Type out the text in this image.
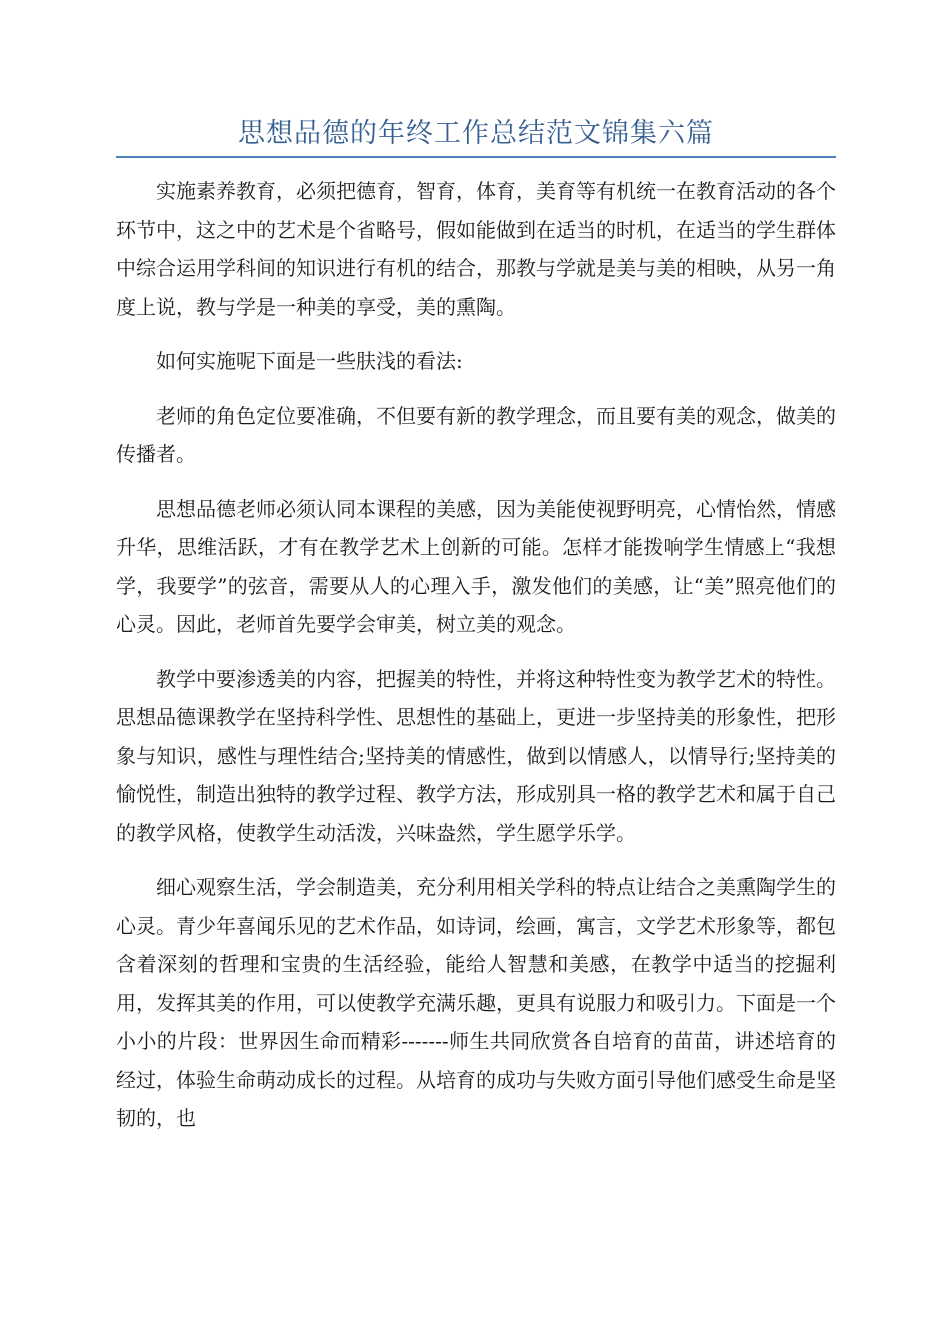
思想品德的年终工作总结范文锦集六篇

实施素养教育，必须把德育，智育，体育，美育等有机统一在教育活动的各个环节中，这之中的艺术是个省略号，假如能做到在适当的时机，在适当的学生群体中综合运用学科间的知识进行有机的结合，那教与学就是美与美的相映，从另一角度上说，教与学是一种美的享受，美的熏陶。

如何实施呢下面是一些肤浅的看法:

老师的角色定位要准确，不但要有新的教学理念，而且要有美的观念，做美的传播者。

思想品德老师必须认同本课程的美感，因为美能使视野明亮，心情怡然，情感升华，思维活跃，才有在教学艺术上创新的可能。怎样才能拨响学生情感上“我想学，我要学”的弦音，需要从人的心理入手，激发他们的美感，让“美”照亮他们的心灵。因此，老师首先要学会审美，树立美的观念。

教学中要渗透美的内容，把握美的特性，并将这种特性变为教学艺术的特性。思想品德课教学在坚持科学性、思想性的基础上，更进一步坚持美的形象性，把形象与知识，感性与理性结合;坚持美的情感性，做到以情感人，以情导行;坚持美的愉悦性，制造出独特的教学过程、教学方法，形成别具一格的教学艺术和属于自己的教学风格，使教学生动活泼，兴味盎然，学生愿学乐学。

细心观察生活，学会制造美，充分利用相关学科的特点让结合之美熏陶学生的心灵。青少年喜闻乐见的艺术作品，如诗词，绘画，寓言，文学艺术形象等，都包含着深刻的哲理和宝贵的生活经验，能给人智慧和美感，在教学中适当的挖掘利用，发挥其美的作用，可以使教学充满乐趣，更具有说服力和吸引力。下面是一个小小的片段：世界因生命而精彩-------师生共同欣赏各自培育的苗苗，讲述培育的经过，体验生命萌动成长的过程。从培育的成功与失败方面引导他们感受生命是坚韧的，也
